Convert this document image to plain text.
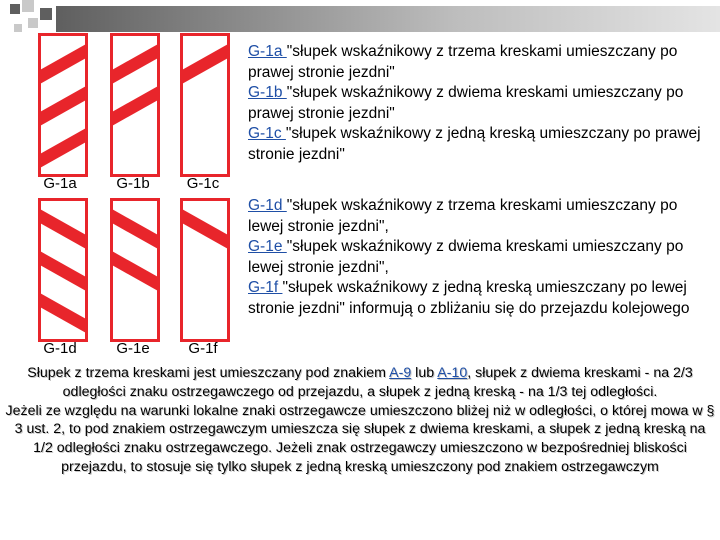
G-1a	G-1b	G-1c
G-1d	G-1e	G-1f
G-1a "słupek wskaźnikowy z trzema kreskami umieszczany po prawej stronie jezdni"
G-1b "słupek wskaźnikowy z dwiema kreskami umieszczany po prawej stronie jezdni"
G-1c "słupek wskaźnikowy z jedną kreską umieszczany po prawej stronie jezdni"
G-1d "słupek wskaźnikowy z trzema kreskami umieszczany po lewej stronie jezdni",
G-1e "słupek wskaźnikowy z dwiema kreskami umieszczany po lewej stronie jezdni",
G-1f "słupek wskaźnikowy z jedną kreską umieszczany po lewej stronie jezdni" informują o zbliżaniu się do przejazdu kolejowego
Słupek z trzema kreskami jest umieszczany pod znakiem A-9 lub A-10, słupek z dwiema kreskami - na 2/3 odległości znaku ostrzegawczego od przejazdu, a słupek z jedną kreską - na 1/3 tej odległości.
Jeżeli ze względu na warunki lokalne znaki ostrzegawcze umieszczono bliżej niż w odległości, o której mowa w § 3 ust. 2, to pod znakiem ostrzegawczym umieszcza się słupek z dwiema kreskami, a słupek z jedną kreską na 1/2 odległości znaku ostrzegawczego. Jeżeli znak ostrzegawczy umieszczono w bezpośredniej bliskości przejazdu, to stosuje się tylko słupek z jedną kreską umieszczony pod znakiem ostrzegawczym
